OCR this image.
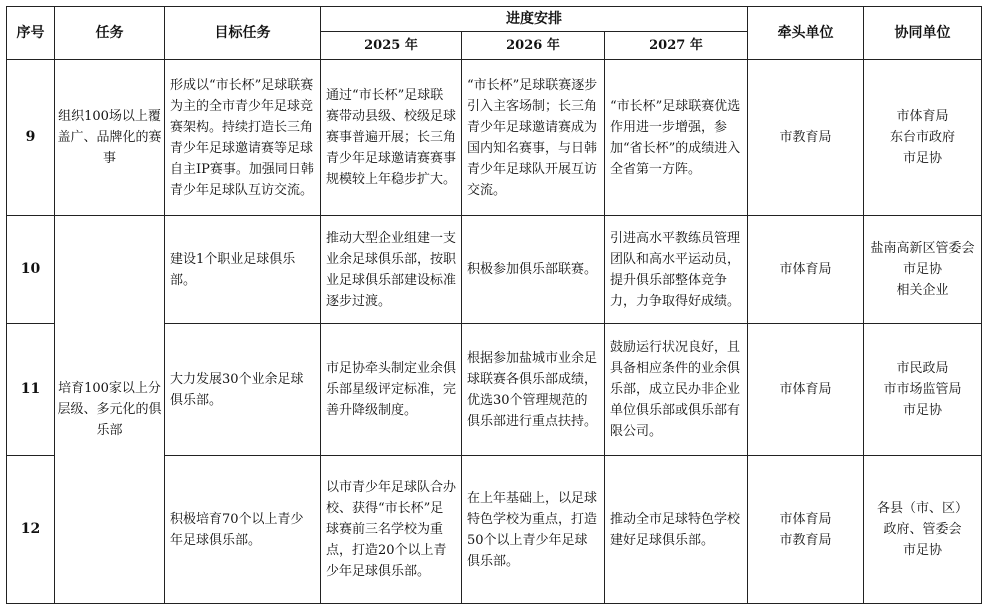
序号	任务	目标任务	进度安排			牵头单位	协同单位
			2025 年	2026 年	2027 年		
9	组织100场以上覆盖广、品牌化的赛事	形成以“市长杯”足球联赛为主的全市青少年足球竞赛架构。持续打造长三角青少年足球邀请赛等足球自主IP赛事。加强同日韩青少年足球队互访交流。	通过“市长杯”足球联赛带动县级、校级足球赛事普遍开展；长三角青少年足球邀请赛赛事规模较上年稳步扩大。	“市长杯”足球联赛逐步引入主客场制；长三角青少年足球邀请赛成为国内知名赛事，与日韩青少年足球队开展互访交流。	“市长杯”足球联赛优选作用进一步增强，参加“省长杯”的成绩进入全省第一方阵。	市教育局	市体育局
东台市政府
市足协

10	培育100家以上分层级、多元化的俱乐部	建设1个职业足球俱乐部。	推动大型企业组建一支业余足球俱乐部，按职业足球俱乐部建设标准逐步过渡。	积极参加俱乐部联赛。	引进高水平教练员管理团队和高水平运动员，提升俱乐部整体竞争力，力争取得好成绩。	市体育局	盐南高新区管委会
市足协
相关企业

11		大力发展30个业余足球俱乐部。	市足协牵头制定业余俱乐部星级评定标准，完善升降级制度。	根据参加盐城市业余足球联赛各俱乐部成绩，优选30个管理规范的俱乐部进行重点扶持。	鼓励运行状况良好，且具备相应条件的业余俱乐部，成立民办非企业单位俱乐部或俱乐部有限公司。	市体育局	市民政局
市市场监管局
市足协

12		积极培育70个以上青少年足球俱乐部。	以市青少年足球队合办校、获得“市长杯”足球赛前三名学校为重点，打造20个以上青少年足球俱乐部。	在上年基础上，以足球特色学校为重点，打造50个以上青少年足球俱乐部。	推动全市足球特色学校建好足球俱乐部。	市体育局
市教育局	各县（市、区）
政府、管委会
市足协
